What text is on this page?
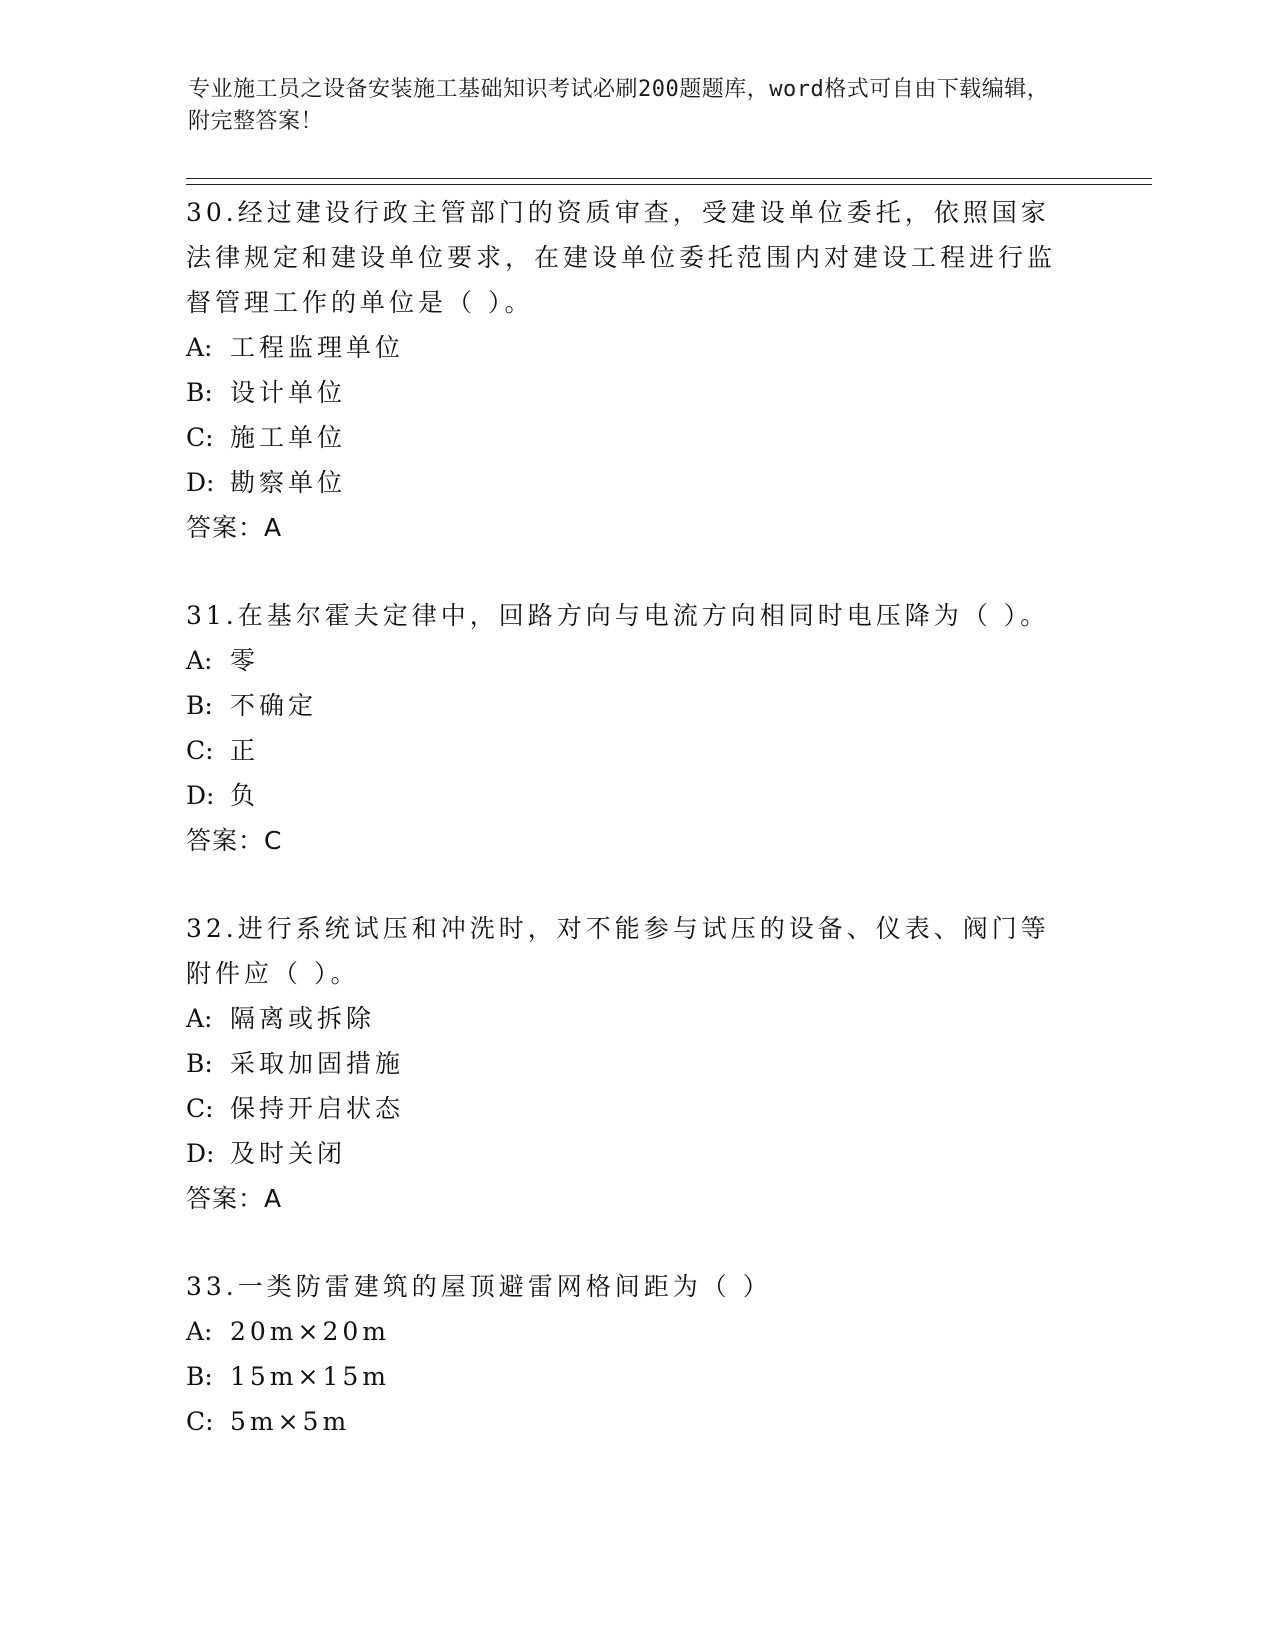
专业施工员之设备安装施工基础知识考试必刷200题题库，word格式可自由下载编辑，附完整答案！

30.经过建设行政主管部门的资质审查，受建设单位委托，依照国家法律规定和建设单位要求，在建设单位委托范围内对建设工程进行监督管理工作的单位是（ ）。

A: 工程监理单位

B: 设计单位

C: 施工单位

D: 勘察单位

答案：A

31.在基尔霍夫定律中，回路方向与电流方向相同时电压降为（ ）。

A: 零

B: 不确定

C: 正

D: 负

答案：C

32.进行系统试压和冲洗时，对不能参与试压的设备、仪表、阀门等附件应（ ）。

A: 隔离或拆除

B: 采取加固措施

C: 保持开启状态

D: 及时关闭

答案：A

33.一类防雷建筑的屋顶避雷网格间距为（ ）

A: 20m×20m

B: 15m×15m

C: 5m×5m
